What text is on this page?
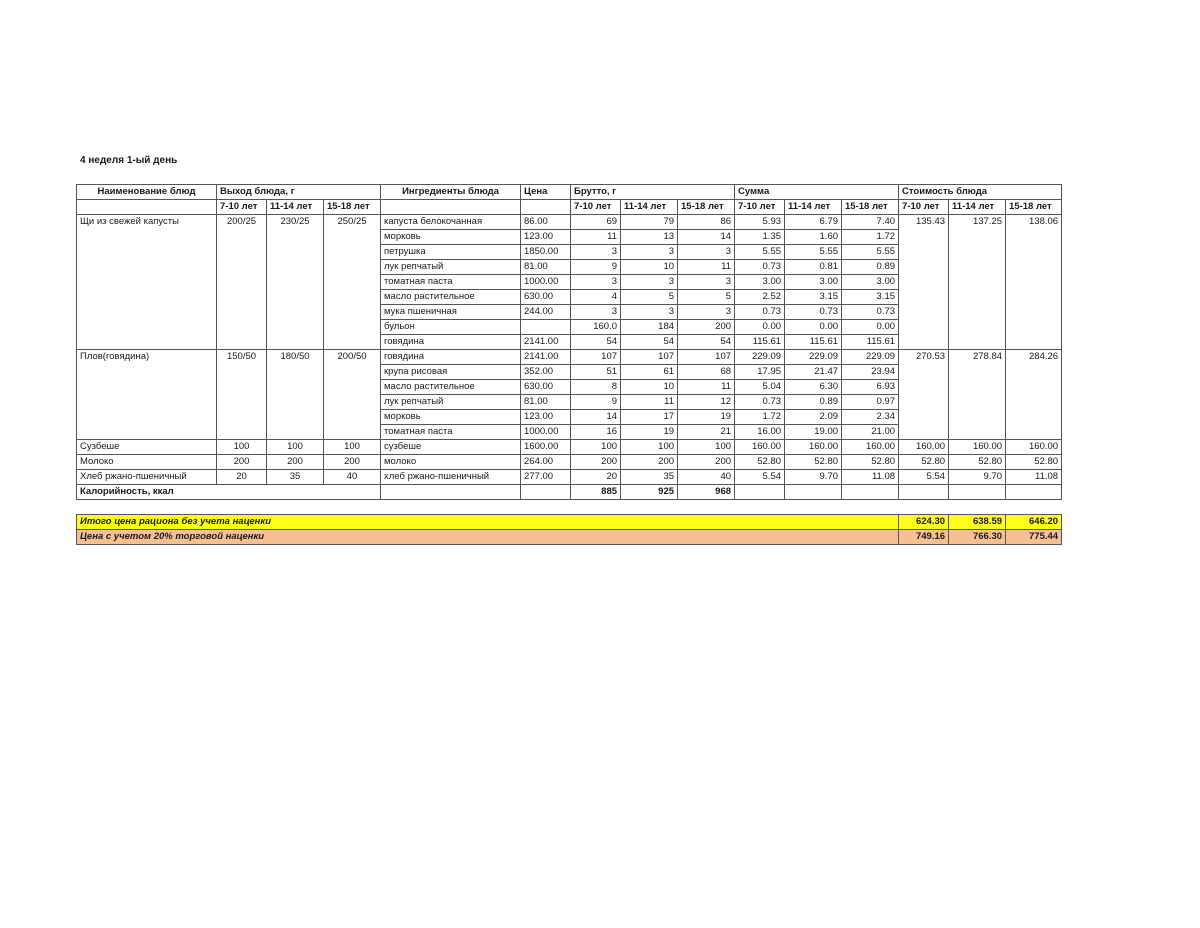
4 неделя 1-ый день
Наименование блюд	Выход блюда, г			Ингредиенты блюда	Цена	Брутто, г			Сумма			Стоимость блюда		
	7-10 лет	11-14 лет	15-18 лет			7-10 лет	11-14 лет	15-18 лет	7-10 лет	11-14 лет	15-18 лет	7-10 лет	11-14 лет	15-18 лет
Щи из свежей капусты	200/25	230/25	250/25	капуста белокочанная	86.00	69	79	86	5.93	6.79	7.40	135.43	137.25	138.06
				морковь	123.00	11	13	14	1.35	1.60	1.72			
				петрушка	1850.00	3	3	3	5.55	5.55	5.55			
				лук репчатый	81.00	9	10	11	0.73	0.81	0.89			
				томатная паста	1000.00	3	3	3	3.00	3.00	3.00			
				масло растительное	630.00	4	5	5	2.52	3.15	3.15			
				мука пшеничная	244.00	3	3	3	0.73	0.73	0.73			
				бульон		160.0	184	200	0.00	0.00	0.00			
				говядина	2141.00	54	54	54	115.61	115.61	115.61			
Плов(говядина)	150/50	180/50	200/50	говядина	2141.00	107	107	107	229.09	229.09	229.09	270.53	278.84	284.26
				крупа рисовая	352.00	51	61	68	17.95	21.47	23.94			
				масло растительное	630.00	8	10	11	5.04	6.30	6.93			
				лук репчатый	81.00	9	11	12	0.73	0.89	0.97			
				морковь	123.00	14	17	19	1.72	2.09	2.34			
				томатная паста	1000.00	16	19	21	16.00	19.00	21.00			
Сузбеше	100	100	100	сузбеше	1600.00	100	100	100	160.00	160.00	160.00	160.00	160.00	160.00
Молоко	200	200	200	молоко	264.00	200	200	200	52.80	52.80	52.80	52.80	52.80	52.80
Хлеб ржано-пшеничный	20	35	40	хлеб ржано-пшеничный	277.00	20	35	40	5.54	9.70	11.08	5.54	9.70	11.08
Калорийность, ккал						885	925	968						

Итого цена рациона без учета наценки												624.30	638.59	646.20
Цена с учетом 20% торговой наценки												749.16	766.30	775.44
